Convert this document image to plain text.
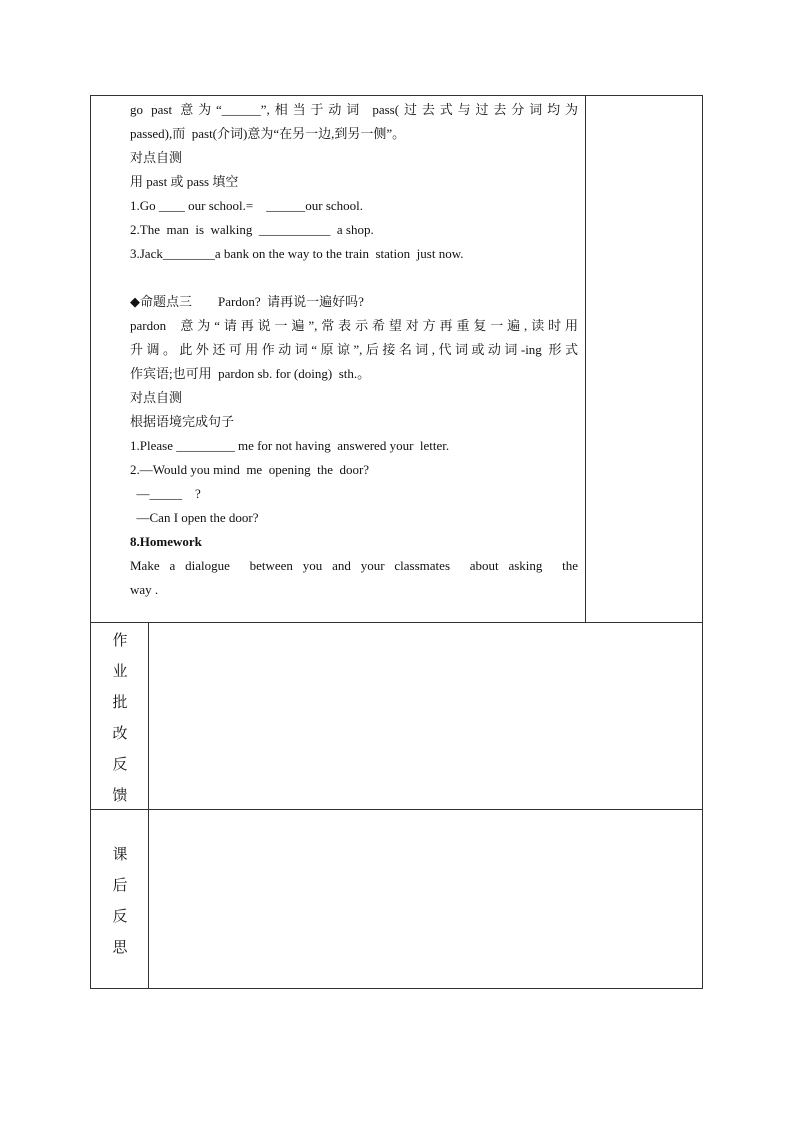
go past 意为“______”,相当于动词 pass(过去式与过去分词均为

passed),而  past(介词)意为“在另一边,到另一侧”。

对点自测

用 past 或 pass 填空

1.Go ____ our school.=    ______our school.

2.The  man  is  walking  ___________  a shop.

3.Jack________a bank on the way to the train  station  just now.

◆命题点三        Pardon?  请再说一遍好吗?

pardon  意为“请再说一遍”,常表示希望对方再重复一遍,读时用

升调。此外还可用作动词“原谅”,后接名词,代词或动词-ing 形式

作宾语;也可用  pardon sb. for (doing)  sth.。

对点自测

根据语境完成句子

1.Please _________ me for not having  answered your  letter.

2.—Would you mind  me  opening  the  door?

—_____    ?

—Can I open the door?

8.Homework

Make a dialogue  between you and your classmates  about asking  the

way .

作
业
批
改
反
馈
课
后
反
思
